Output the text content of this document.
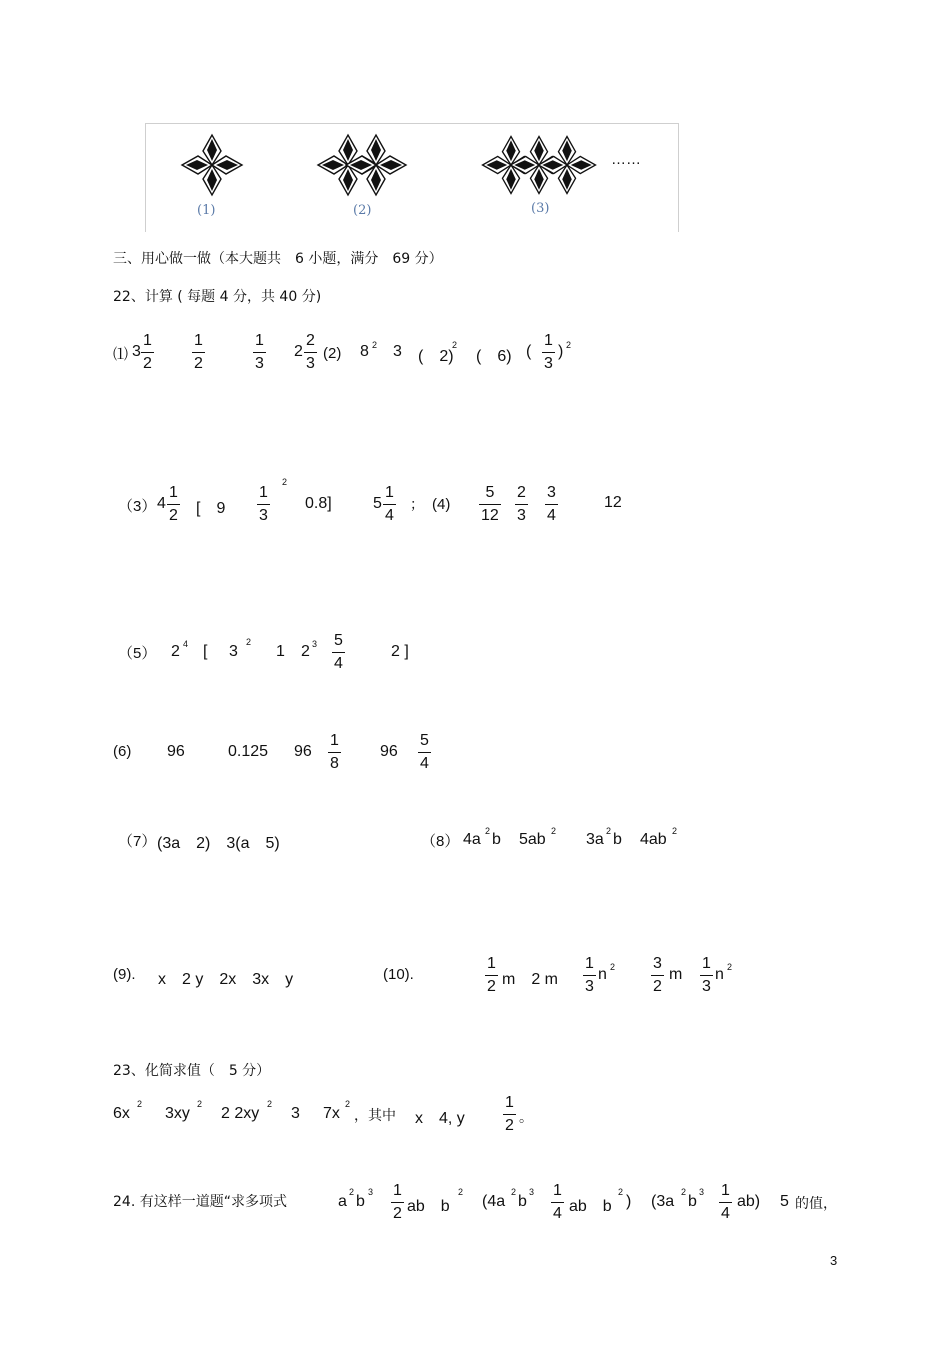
(1)	(2)	(3)
……
三、用心做一做（本大题共　6 小题，满分　69 分）
22、计算 ( 每题 4 分，共 40 分)
⑴ 3
1
2
1
2
1
3
2
2
3
(2) 8 2 3 (　2)
2
(　6) (
1
3
) 2
（3） 4
1
2 [　9
1
3
2
0.8]	5
1
4
； (4)
5
12
2
3
3
4
12
（5） 2 4 [ 3
2
1 2 3 5
4
2 ]
(6) 96	0.125 96
1
8
96
5
4
（7） (3a　2)　3(a　5)	（8） 4a 2 b 5ab 2 3a 2 b 4ab 2
(9). x　2 y　2x　3x　y	(10).
1
2 m　2 m
1
3
n 2 3
2
m
1
3
n 2
23、化简求值（　5 分）
6x
2
3xy
2
2 2xy
2
3 7x
2
，其中 x　4, y
1
2 。
24. 有这样一道题“求多项式	a
2
b
3 1
2 ab　b
2
(4a
2
b
3 1
4 ab　b
2
) (3a
2
b
3 1
4
ab) 5 的值，
3
